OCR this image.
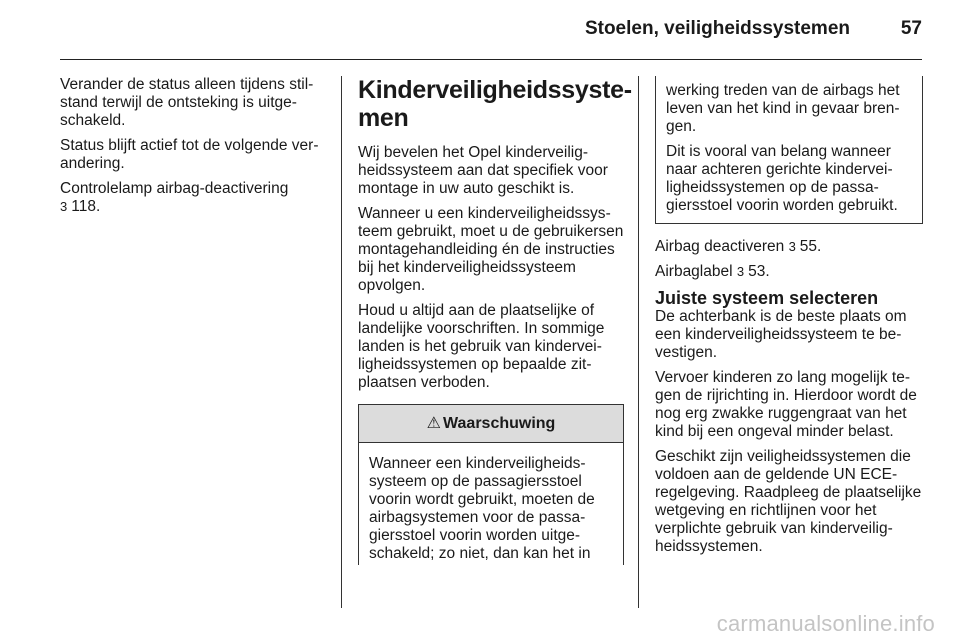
Stoelen, veiligheidssystemen	57

Verander de status alleen tijdens stilstand terwijl de ontsteking is uitgeschakeld.

Status blijft actief tot de volgende verandering.

Controlelamp airbag-deactivering
3 118.

Kinderveiligheidssystemen

Wij bevelen het Opel kinderveiligheidssysteem aan dat specifiek voor montage in uw auto geschikt is.

Wanneer u een kinderveiligheidssysteem gebruikt, moet u de gebruikersen montagehandleiding én de instructies bij het kinderveiligheidssysteem opvolgen.

Houd u altijd aan de plaatselijke of landelijke voorschriften. In sommige landen is het gebruik van kinderveiligheidssystemen op bepaalde zitplaatsen verboden.

⚠ Waarschuwing
Wanneer een kinderveiligheidssysteem op de passagiersstoel voorin wordt gebruikt, moeten de airbagsystemen voor de passagiersstoel voorin worden uitgeschakeld; zo niet, dan kan het in

werking treden van de airbags het leven van het kind in gevaar brengen.

Dit is vooral van belang wanneer naar achteren gerichte kinderveiligheidssystemen op de passagiersstoel voorin worden gebruikt.

Airbag deactiveren 3 55.

Airbaglabel 3 53.

Juiste systeem selecteren

De achterbank is de beste plaats om een kinderveiligheidssysteem te bevestigen.

Vervoer kinderen zo lang mogelijk tegen de rijrichting in. Hierdoor wordt de nog erg zwakke ruggengraat van het kind bij een ongeval minder belast.

Geschikt zijn veiligheidssystemen die voldoen aan de geldende UN ECE-regelgeving. Raadpleeg de plaatselijke wetgeving en richtlijnen voor het verplichte gebruik van kinderveiligheidssystemen.

carmanualsonline.info
